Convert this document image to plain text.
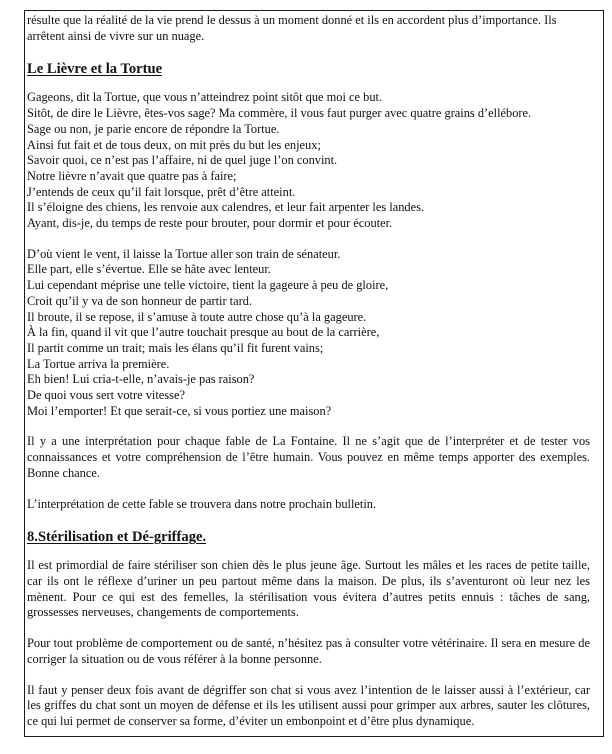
résulte que la réalité de la vie prend le dessus à un moment donné et ils en accordent plus d’importance. Ils

arrêtent ainsi de vivre sur un nuage.

Le Lièvre et la Tortue

Gageons, dit la Tortue, que vous n’atteindrez point sitôt que moi ce but.

Sitôt, de dire le Lièvre, êtes-vos sage? Ma commère, il vous faut purger avec quatre grains d’ellébore.

Sage ou non, je parie encore de répondre la Tortue.

Ainsi fut fait et de tous deux, on mit près du but les enjeux;

Savoir quoi, ce n’est pas l’affaire, ni de quel juge l’on convint.

Notre lièvre n’avait que quatre pas à faire;

J’entends de ceux qu’il fait lorsque, prêt d’être atteint.

Il s’éloigne des chiens, les renvoie aux calendres, et leur fait arpenter les landes.

Ayant, dis-je, du temps de reste pour brouter, pour dormir et pour écouter.

D’où vient le vent, il laisse la Tortue aller son train de sénateur.

Elle part, elle s’évertue. Elle se hâte avec lenteur.

Lui cependant méprise une telle victoire, tient la gageure à peu de gloire,

Croit qu’il y va de son honneur de partir tard.

Il broute, il se repose, il s’amuse à toute autre chose qu’à la gageure.

À la fin, quand il vit que l’autre touchait presque au bout de la carrière,

Il partit comme un trait; mais les élans qu’il fit furent vains;

La Tortue arriva la première.

Eh bien! Lui cria-t-elle, n’avais-je pas raison?

De quoi vous sert votre vitesse?

Moi l’emporter! Et que serait-ce, si vous portiez une maison?

Il y a une interprétation pour chaque fable de La Fontaine. Il ne s’agit que de l’interpréter et de tester vos connaissances et votre compréhension de l’être humain. Vous pouvez en même temps apporter des exemples. Bonne chance.

L’interprétation de cette fable se trouvera dans notre prochain bulletin.

8.Stérilisation et Dé-griffage.

Il est primordial de faire stériliser son chien dès le plus jeune âge. Surtout les mâles et les races de petite taille, car ils ont le réflexe d’uriner un peu partout même dans la maison. De plus, ils s’aventuront où leur nez les mènent. Pour ce qui est des femelles, la stérilisation vous évitera d’autres petits ennuis : tâches de sang, grossesses nerveuses, changements de comportements.

Pour tout problème de comportement ou de santé, n’hésitez pas à consulter votre vétérinaire. Il sera en mesure de corriger la situation ou de vous référer à la bonne personne.

Il faut y penser deux fois avant de dégriffer son chat si vous avez l’intention de le laisser aussi à l’extérieur, car les griffes du chat sont un moyen de défense et ils les utilisent aussi pour grimper aux arbres, sauter les clôtures, ce qui lui permet de conserver sa forme, d’éviter un embonpoint et d’être plus dynamique.
